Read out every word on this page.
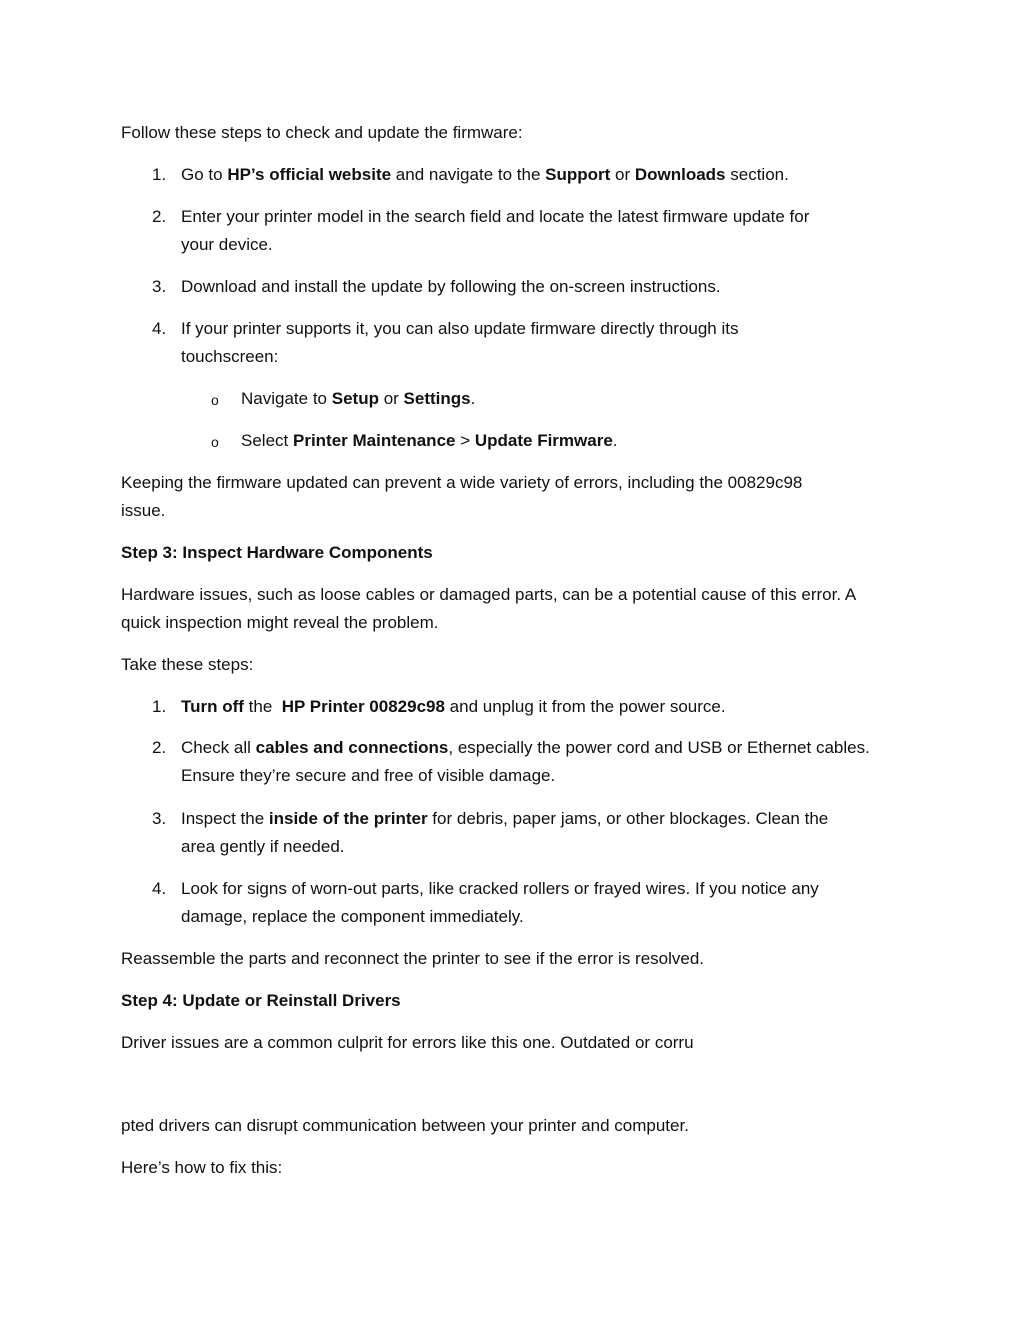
Follow these steps to check and update the firmware:
1. Go to HP’s official website and navigate to the Support or Downloads section.
2. Enter your printer model in the search field and locate the latest firmware update for
your device.
3. Download and install the update by following the on-screen instructions.
4. If your printer supports it, you can also update firmware directly through its
touchscreen:
o Navigate to Setup or Settings.
o Select Printer Maintenance > Update Firmware.
Keeping the firmware updated can prevent a wide variety of errors, including the 00829c98
issue.
Step 3: Inspect Hardware Components
Hardware issues, such as loose cables or damaged parts, can be a potential cause of this error. A
quick inspection might reveal the problem.
Take these steps:
1. Turn off the  HP Printer 00829c98 and unplug it from the power source.
2. Check all cables and connections, especially the power cord and USB or Ethernet cables.
Ensure they’re secure and free of visible damage.
3. Inspect the inside of the printer for debris, paper jams, or other blockages. Clean the
area gently if needed.
4. Look for signs of worn-out parts, like cracked rollers or frayed wires. If you notice any
damage, replace the component immediately.
Reassemble the parts and reconnect the printer to see if the error is resolved.
Step 4: Update or Reinstall Drivers
Driver issues are a common culprit for errors like this one. Outdated or corru
pted drivers can disrupt communication between your printer and computer.
Here’s how to fix this:
